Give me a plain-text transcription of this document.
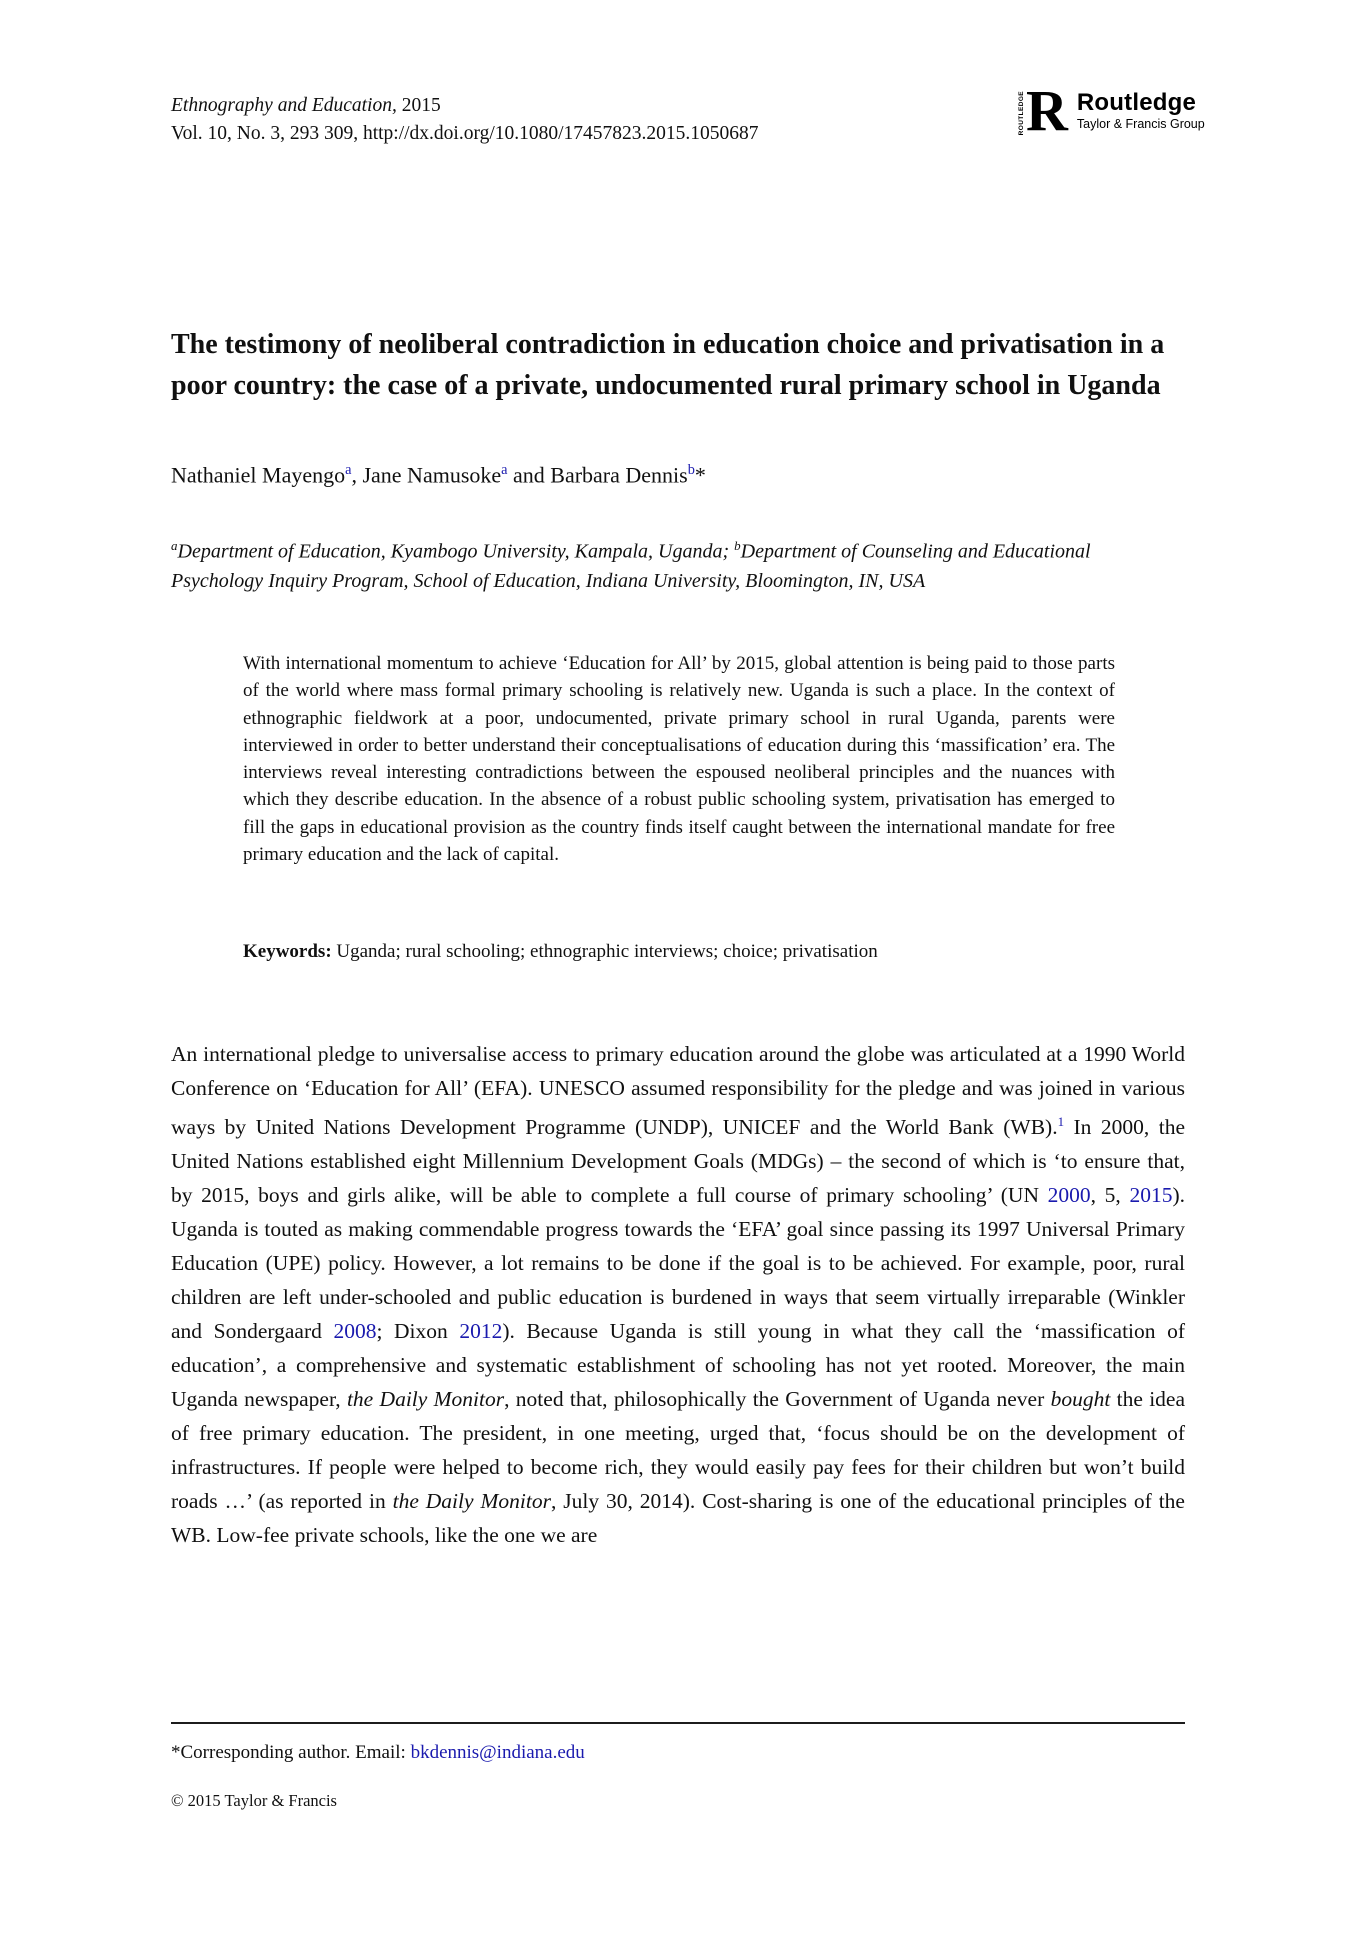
Ethnography and Education, 2015
Vol. 10, No. 3, 293 309, http://dx.doi.org/10.1080/17457823.2015.1050687	ROUTLEDGE R Routledge
Taylor & Francis Group
The testimony of neoliberal contradiction in education choice and privatisation in a poor country: the case of a private, undocumented rural primary school in Uganda
Nathaniel Mayengo$^a$, Jane Namusoke$^a$ and Barbara Dennis$^b$*
$^a$Department of Education, Kyambogo University, Kampala, Uganda; $^b$Department of Counseling and Educational Psychology Inquiry Program, School of Education, Indiana University, Bloomington, IN, USA
With international momentum to achieve ‘Education for All’ by 2015, global attention is being paid to those parts of the world where mass formal primary schooling is relatively new. Uganda is such a place. In the context of ethnographic fieldwork at a poor, undocumented, private primary school in rural Uganda, parents were interviewed in order to better understand their conceptualisations of education during this ‘massification’ era. The interviews reveal interesting contradictions between the espoused neoliberal principles and the nuances with which they describe education. In the absence of a robust public schooling system, privatisation has emerged to fill the gaps in educational provision as the country finds itself caught between the international mandate for free primary education and the lack of capital.
Keywords: Uganda; rural schooling; ethnographic interviews; choice; privatisation
An international pledge to universalise access to primary education around the globe was articulated at a 1990 World Conference on ‘Education for All’ (EFA). UNESCO assumed responsibility for the pledge and was joined in various ways by United Nations Development Programme (UNDP), UNICEF and the World Bank (WB).$^1$ In 2000, the United Nations established eight Millennium Development Goals (MDGs) – the second of which is ‘to ensure that, by 2015, boys and girls alike, will be able to complete a full course of primary schooling’ (UN 2000, 5, 2015). Uganda is touted as making commendable progress towards the ‘EFA’ goal since passing its 1997 Universal Primary Education (UPE) policy. However, a lot remains to be done if the goal is to be achieved. For example, poor, rural children are left under-schooled and public education is burdened in ways that seem virtually irreparable (Winkler and Sondergaard 2008; Dixon 2012). Because Uganda is still young in what they call the ‘massification of education’, a comprehensive and systematic establishment of schooling has not yet rooted. Moreover, the main Uganda newspaper, the Daily Monitor, noted that, philosophically the Government of Uganda never bought the idea of free primary education. The president, in one meeting, urged that, ‘focus should be on the development of infrastructures. If people were helped to become rich, they would easily pay fees for their children but won’t build roads …’ (as reported in the Daily Monitor, July 30, 2014). Cost-sharing is one of the educational principles of the WB. Low-fee private schools, like the one we are
*Corresponding author. Email: bkdennis@indiana.edu
© 2015 Taylor & Francis
